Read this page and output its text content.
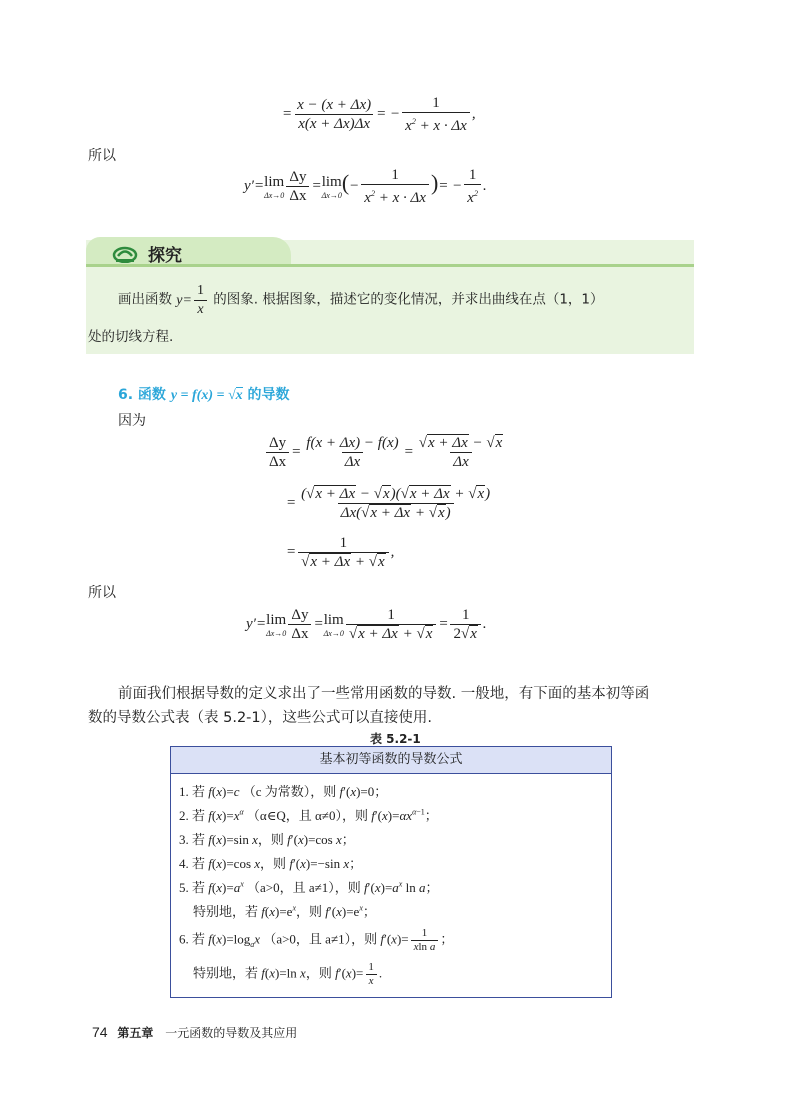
= $\frac{x - (x + \Delta x)}{x(x + \Delta x)\Delta x}$ = − $\frac{1}{x^2 + x \cdot \Delta x}$ ,
所以
y′= lim
$\Delta x\to 0 \frac{\Delta y}{\Delta x} = \lim$
Δx→0
(− $\frac{1}{x^2 + x \cdot \Delta x}$ )= − $\frac{1}{x^2}$ .
探究
画出函数 $y= \frac{1}{x}$ 的图象. 根据图象，描述它的变化情况，并求出曲线在点（1，1）
处的切线方程.
6. 函数 y = f(x) = √x 的导数
因为
$\frac{\Delta y}{\Delta x} = \frac{f(x + \Delta x) - f(x)}{\Delta x} = \frac{√x + \Delta x - √x}{\Delta x}$
= $\frac{(√x + \Delta x - √x)(√x + \Delta x + √x)}{\Delta x(√x + \Delta x + √x)}$
= $\frac{1}{√x + \Delta x + √x}$ ,
所以
y′= lim
$\Delta x\to 0 \frac{\Delta y}{\Delta x} = \lim$
$\Delta x\to 0 \frac{1}{√x + \Delta x + √x} = \frac{1}{2√x}$ .
前面我们根据导数的定义求出了一些常用函数的导数. 一般地，有下面的基本初等函
数的导数公式表（表 5.2-1），这些公式可以直接使用.
表 5.2-1
基本初等函数的导数公式
1. 若 f(x)=c （c 为常数），则 f′(x)=0；
2. 若 $f(x)=x^\alpha$ （α∈Q，且 α≠0），则 $f'(x)=\alpha x^{\alpha-1}$；
3. 若 f(x)=sin x，则 f′(x)=cos x；
4. 若 f(x)=cos x，则 f′(x)=−sin x；
5. 若 $f(x)=a^x$ （a>0，且 a≠1），则 $f'(x)=a^x$ ln a；
特别地，若 $f(x)=e^x$，则 $f'(x)=e^x$；
6. 若 $f(x)=\log_ax$ （a>0，且 a≠1），则 $f'(x)= \frac{1}{\text{xln a}}$ ；
特别地，若 f(x)=ln x，则 $f'(x)= \frac{1}{x}$ .
74 第五章 一元函数的导数及其应用
